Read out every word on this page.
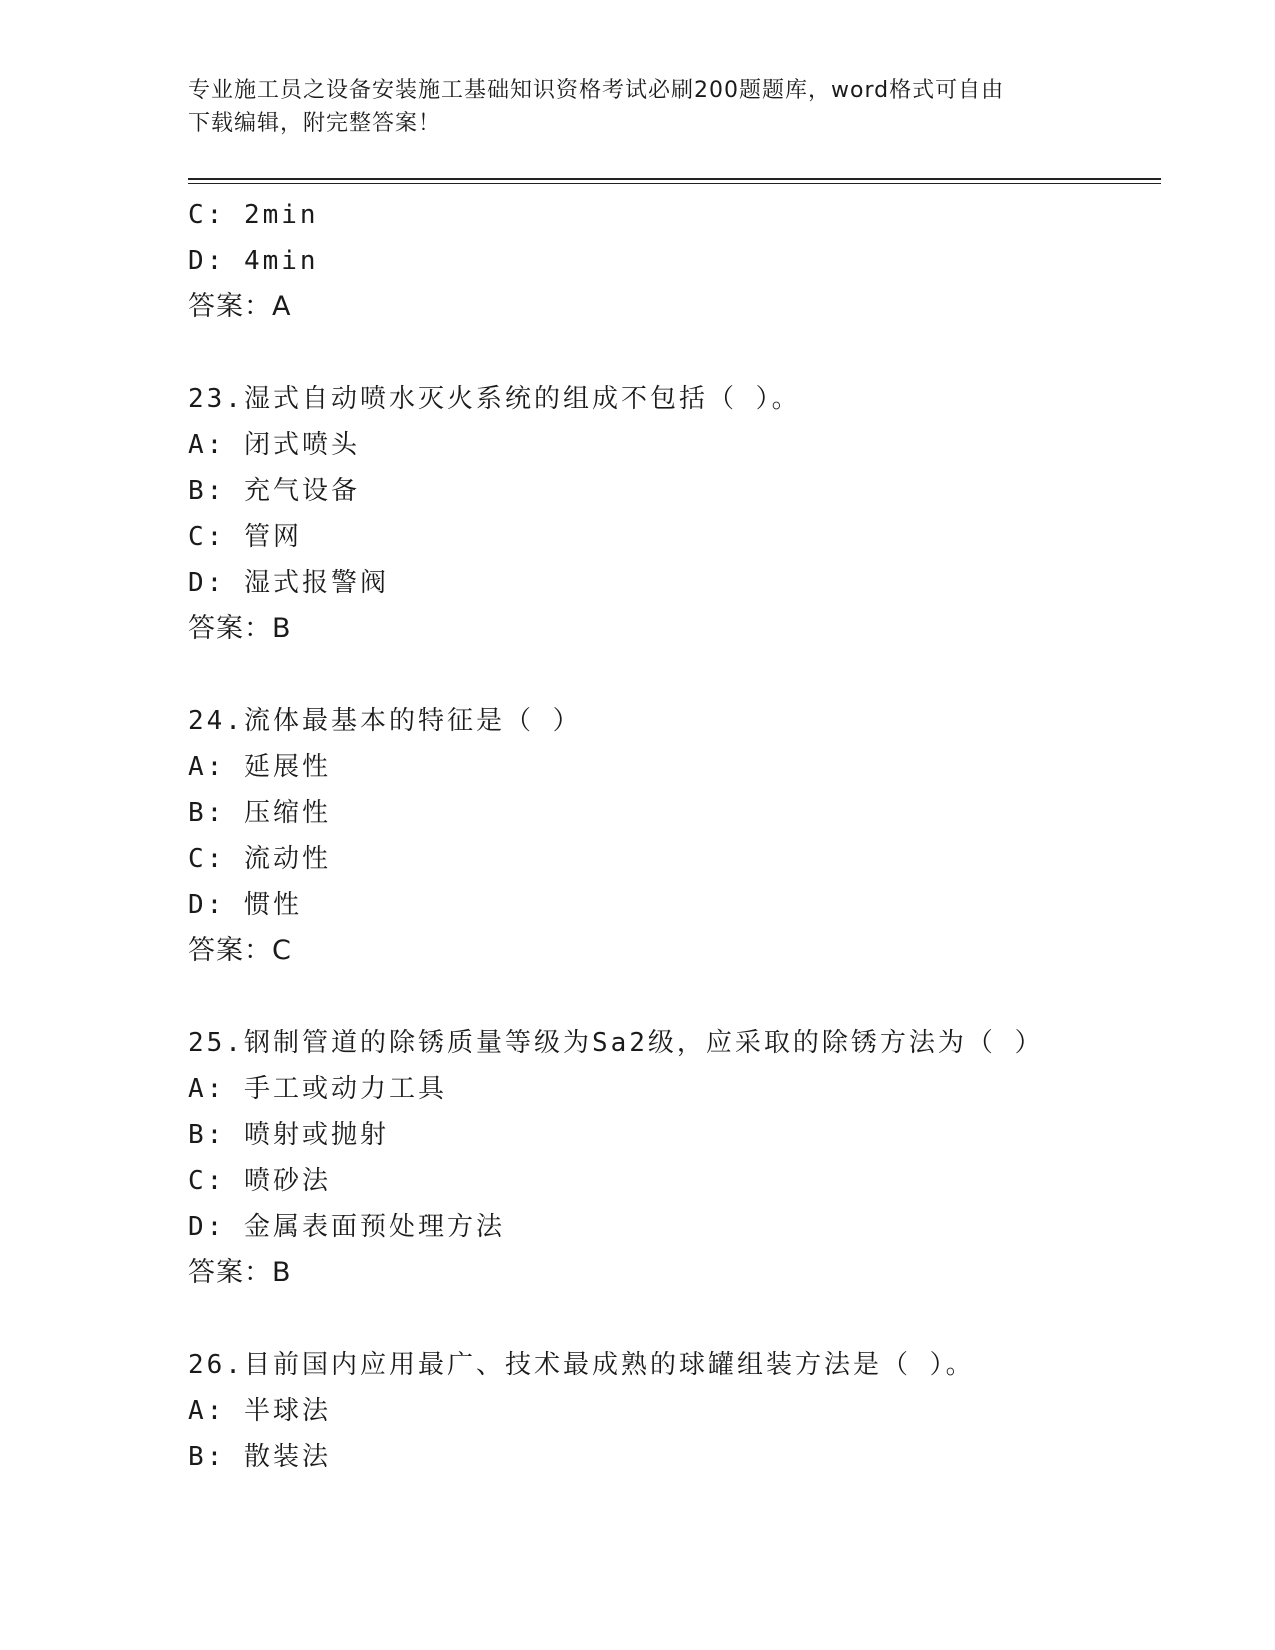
专业施工员之设备安装施工基础知识资格考试必刷200题题库，word格式可自由
下载编辑，附完整答案！
C: 2min
D: 4min
答案：A
23.湿式自动喷水灭火系统的组成不包括（ ）。
A: 闭式喷头
B: 充气设备
C: 管网
D: 湿式报警阀
答案：B
24.流体最基本的特征是（ ）
A: 延展性
B: 压缩性
C: 流动性
D: 惯性
答案：C
25.钢制管道的除锈质量等级为Sa2级，应采取的除锈方法为（ ）
A: 手工或动力工具
B: 喷射或抛射
C: 喷砂法
D: 金属表面预处理方法
答案：B
26.目前国内应用最广、技术最成熟的球罐组装方法是（ ）。
A: 半球法
B: 散装法
